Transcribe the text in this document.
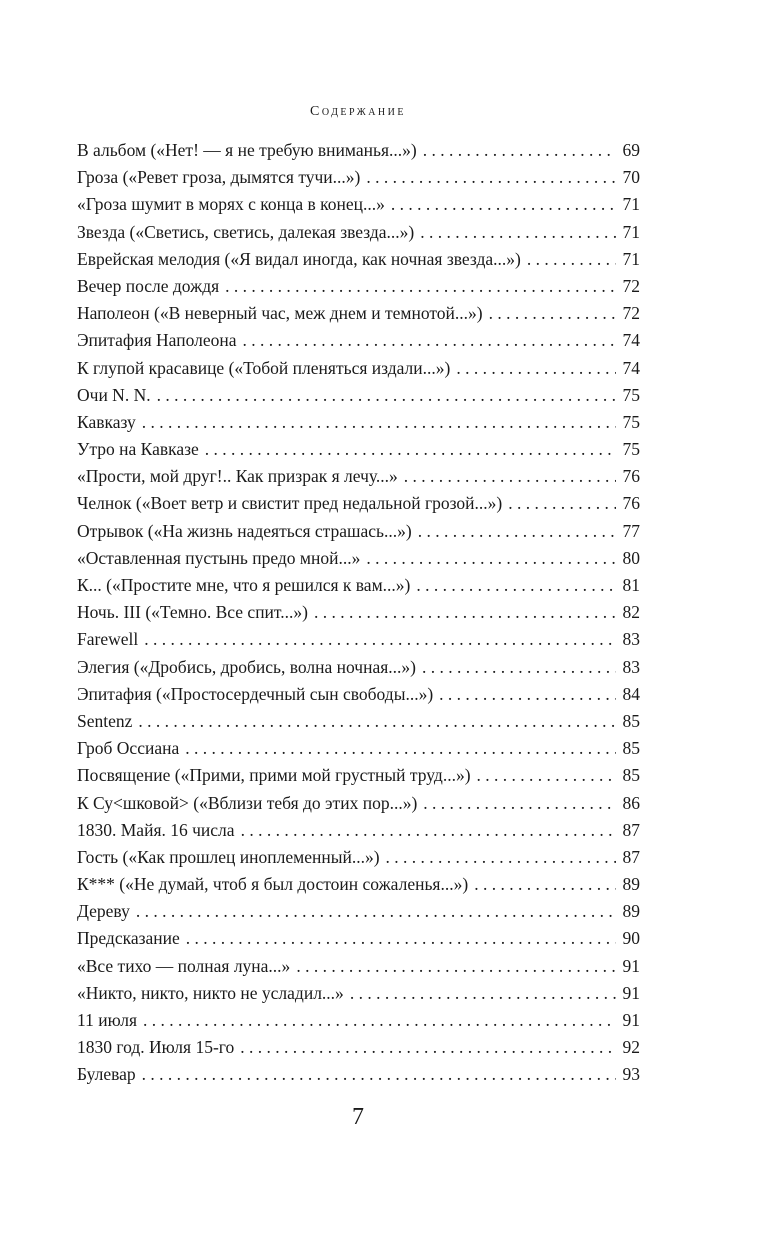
Содержание
В альбом («Нет! — я не требую вниманья...») . . .	69
Гроза («Ревет гроза, дымятся тучи...») . . .	70
«Гроза шумит в морях с конца в конец...» . . .	71
Звезда («Светись, светись, далекая звезда...») . . .	71
Еврейская мелодия («Я видал иногда, как ночная звезда...») . . .	71
Вечер после дождя . . .	72
Наполеон («В неверный час, меж днем и темнотой...») . . .	72
Эпитафия Наполеона . . .	74
К глупой красавице («Тобой пленяться издали...») . . .	74
Очи N. N. . . .	75
Кавказу . . .	75
Утро на Кавказе . . .	75
«Прости, мой друг!.. Как призрак я лечу...» . . .	76
Челнок («Воет ветр и свистит пред недальной грозой...») . . .	76
Отрывок («На жизнь надеяться страшась...») . . .	77
«Оставленная пустынь предо мной...» . . .	80
К... («Простите мне, что я решился к вам...») . . .	81
Ночь. III («Темно. Все спит...») . . .	82
Farewell . . .	83
Элегия («Дробись, дробись, волна ночная...») . . .	83
Эпитафия («Простосердечный сын свободы...») . . .	84
Sentenz . . .	85
Гроб Оссиана . . .	85
Посвящение («Прими, прими мой грустный труд...») . . .	85
К Су<шковой> («Вблизи тебя до этих пор...») . . .	86
1830. Майя. 16 числа . . .	87
Гость («Как прошлец иноплеменный...») . . .	87
К*** («Не думай, чтоб я был достоин сожаленья...») . . .	89
Дереву . . .	89
Предсказание . . .	90
«Все тихо — полная луна...» . . .	91
«Никто, никто, никто не усладил...» . . .	91
11 июля . . .	91
1830 год. Июля 15-го . . .	92
Булевар . . .	93
7
